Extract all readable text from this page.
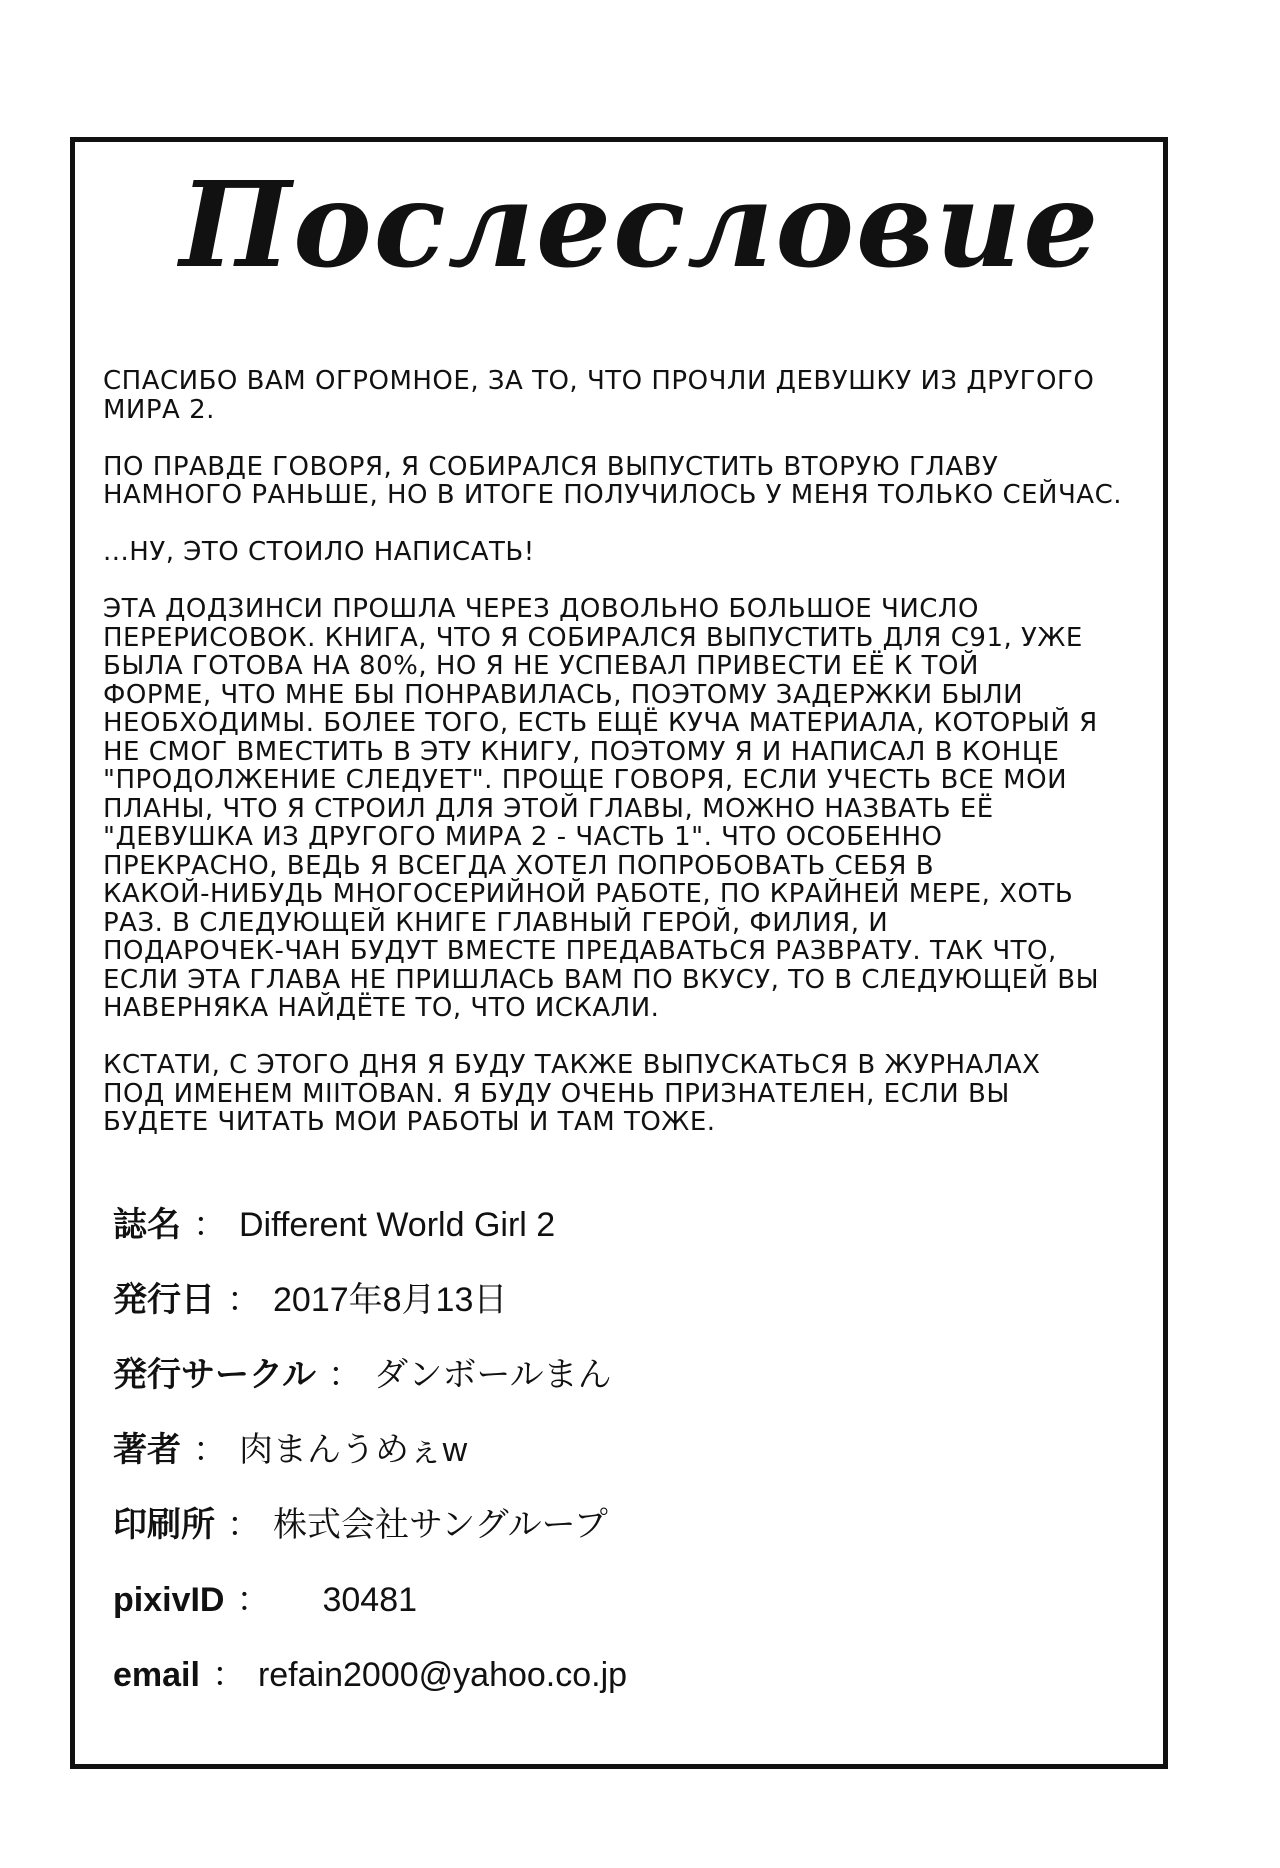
Послесловие

СПАСИБО ВАМ ОГРОМНОЕ, ЗА ТО, ЧТО ПРОЧЛИ ДЕВУШКУ ИЗ ДРУГОГО
МИРА 2.

ПО ПРАВДЕ ГОВОРЯ, Я СОБИРАЛСЯ ВЫПУСТИТЬ ВТОРУЮ ГЛАВУ
НАМНОГО РАНЬШЕ, НО В ИТОГЕ ПОЛУЧИЛОСЬ У МЕНЯ ТОЛЬКО СЕЙЧАС.

...НУ, ЭТО СТОИЛО НАПИСАТЬ!

ЭТА ДОДЗИНСИ ПРОШЛА ЧЕРЕЗ ДОВОЛЬНО БОЛЬШОЕ ЧИСЛО
ПЕРЕРИСОВОК. КНИГА, ЧТО Я СОБИРАЛСЯ ВЫПУСТИТЬ ДЛЯ C91, УЖЕ
БЫЛА ГОТОВА НА 80%, НО Я НЕ УСПЕВАЛ ПРИВЕСТИ ЕЁ К ТОЙ
ФОРМЕ, ЧТО МНЕ БЫ ПОНРАВИЛАСЬ, ПОЭТОМУ ЗАДЕРЖКИ БЫЛИ
НЕОБХОДИМЫ. БОЛЕЕ ТОГО, ЕСТЬ ЕЩЁ КУЧА МАТЕРИАЛА, КОТОРЫЙ Я
НЕ СМОГ ВМЕСТИТЬ В ЭТУ КНИГУ, ПОЭТОМУ Я И НАПИСАЛ В КОНЦЕ
"ПРОДОЛЖЕНИЕ СЛЕДУЕТ". ПРОЩЕ ГОВОРЯ, ЕСЛИ УЧЕСТЬ ВСЕ МОИ
ПЛАНЫ, ЧТО Я СТРОИЛ ДЛЯ ЭТОЙ ГЛАВЫ, МОЖНО НАЗВАТЬ ЕЁ
"ДЕВУШКА ИЗ ДРУГОГО МИРА 2 - ЧАСТЬ 1". ЧТО ОСОБЕННО
ПРЕКРАСНО, ВЕДЬ Я ВСЕГДА ХОТЕЛ ПОПРОБОВАТЬ СЕБЯ В
КАКОЙ-НИБУДЬ МНОГОСЕРИЙНОЙ РАБОТЕ, ПО КРАЙНЕЙ МЕРЕ, ХОТЬ
РАЗ. В СЛЕДУЮЩЕЙ КНИГЕ ГЛАВНЫЙ ГЕРОЙ, ФИЛИЯ, И
ПОДАРОЧЕК-ЧАН БУДУТ ВМЕСТЕ ПРЕДАВАТЬСЯ РАЗВРАТУ. ТАК ЧТО,
ЕСЛИ ЭТА ГЛАВА НЕ ПРИШЛАСЬ ВАМ ПО ВКУСУ, ТО В СЛЕДУЮЩЕЙ ВЫ
НАВЕРНЯКА НАЙДЁТЕ ТО, ЧТО ИСКАЛИ.

КСТАТИ, С ЭТОГО ДНЯ Я БУДУ ТАКЖЕ ВЫПУСКАТЬСЯ В ЖУРНАЛАХ
ПОД ИМЕНЕМ MIITOBAN. Я БУДУ ОЧЕНЬ ПРИЗНАТЕЛЕН, ЕСЛИ ВЫ
БУДЕТЕ ЧИТАТЬ МОИ РАБОТЫ И ТАМ ТОЖЕ.

誌名 ： Different World Girl 2
発行日 ： 2017年8月13日
発行サークル ： ダンボールまん
著者 ： 肉まんうめぇw
印刷所 ： 株式会社サングループ
pixivID ： 30481
email ： refain2000@yahoo.co.jp
